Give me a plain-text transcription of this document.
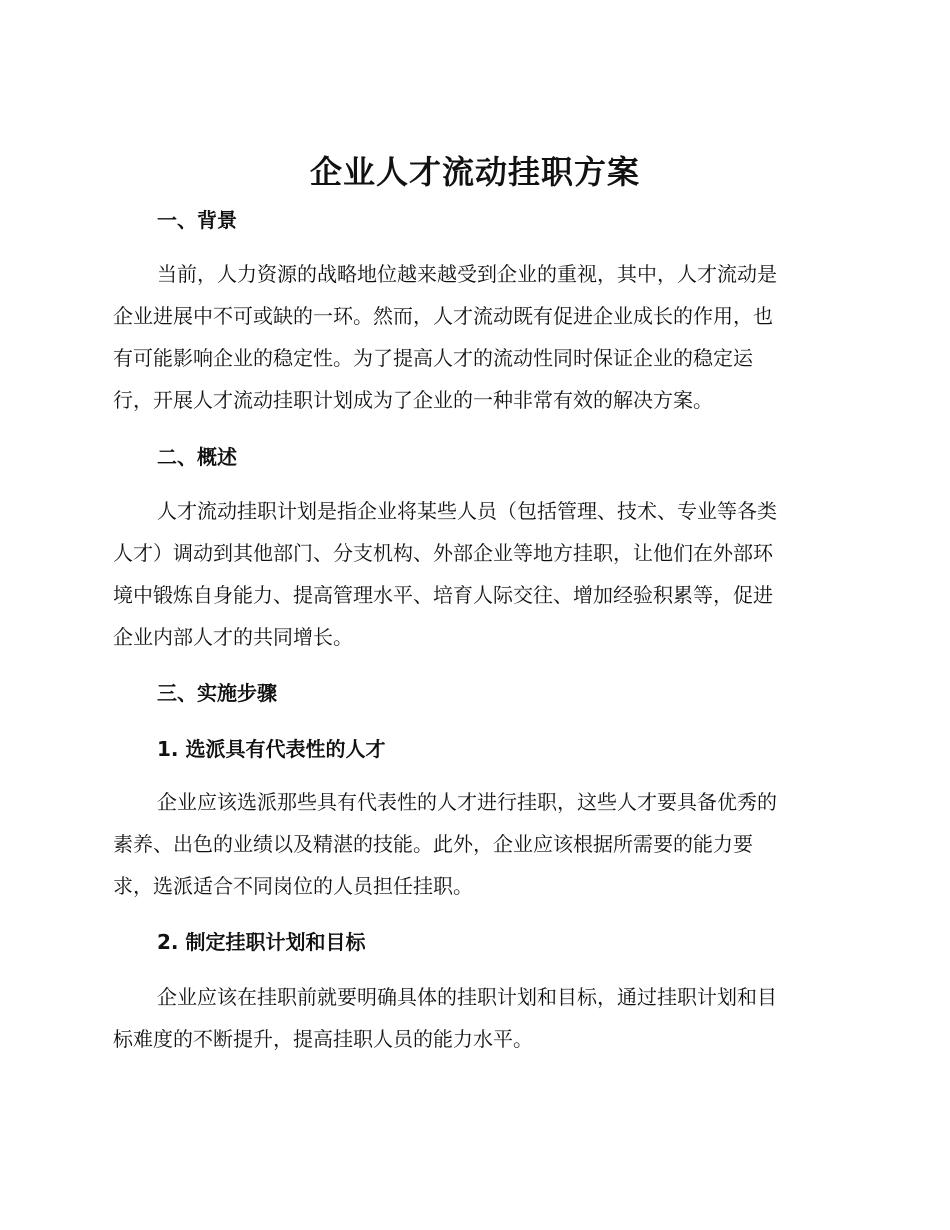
企业人才流动挂职方案
一、背景
当前，人力资源的战略地位越来越受到企业的重视，其中，人才流动是
企业进展中不可或缺的一环。然而，人才流动既有促进企业成长的作用，也
有可能影响企业的稳定性。为了提高人才的流动性同时保证企业的稳定运
行，开展人才流动挂职计划成为了企业的一种非常有效的解决方案。
二、概述
人才流动挂职计划是指企业将某些人员（包括管理、技术、专业等各类
人才）调动到其他部门、分支机构、外部企业等地方挂职，让他们在外部环
境中锻炼自身能力、提高管理水平、培育人际交往、增加经验积累等，促进
企业内部人才的共同增长。
三、实施步骤
1. 选派具有代表性的人才
企业应该选派那些具有代表性的人才进行挂职，这些人才要具备优秀的
素养、出色的业绩以及精湛的技能。此外，企业应该根据所需要的能力要
求，选派适合不同岗位的人员担任挂职。
2. 制定挂职计划和目标
企业应该在挂职前就要明确具体的挂职计划和目标，通过挂职计划和目
标难度的不断提升，提高挂职人员的能力水平。
